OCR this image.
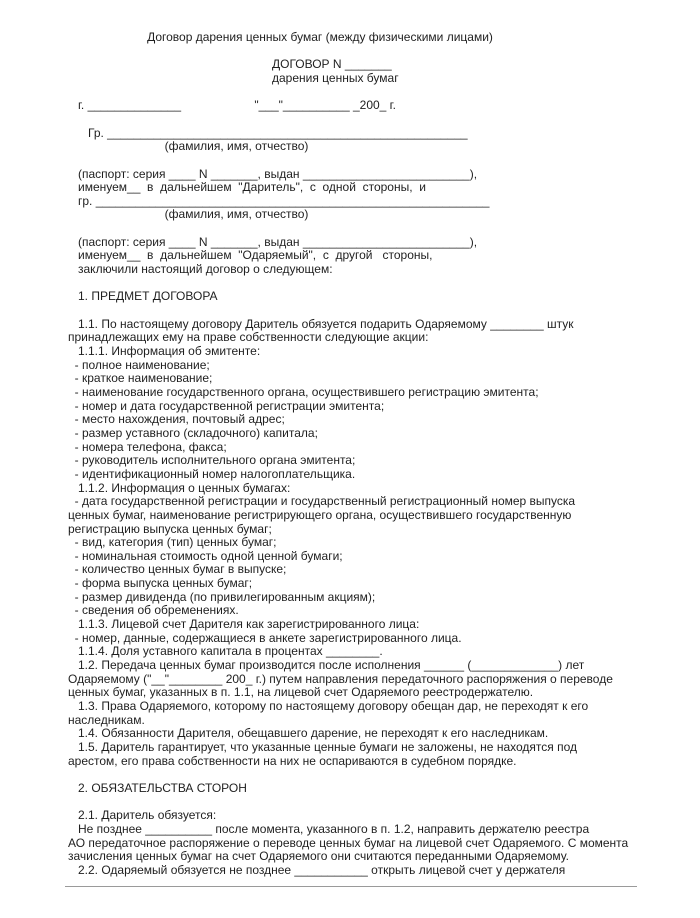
Договор дарения ценных бумаг (между физическими лицами)
ДОГОВОР N _______
дарения ценных бумаг
г. ______________                      "___"__________ _200_ г.
Гр. ______________________________________________________
(фамилия, имя, отчество)
(паспорт: серия ____ N _______, выдан _________________________),
именуем__  в  дальнейшем  "Даритель",  с  одной  стороны,  и
гр. ___________________________________________________________
(фамилия, имя, отчество)
(паспорт: серия ____ N _______, выдан _________________________),
именуем__  в  дальнейшем  "Одаряемый",  с  другой   стороны,
заключили настоящий договор о следующем:
1. ПРЕДМЕТ ДОГОВОРА
1.1. По настоящему договору Даритель обязуется подарить Одаряемому ________ штук
принадлежащих ему на праве собственности следующие акции:
1.1.1. Информация об эмитенте:
- полное наименование;
- краткое наименование;
- наименование государственного органа, осуществившего регистрацию эмитента;
- номер и дата государственной регистрации эмитента;
- место нахождения, почтовый адрес;
- размер уставного (складочного) капитала;
- номера телефона, факса;
- руководитель исполнительного органа эмитента;
- идентификационный номер налогоплательщика.
1.1.2. Информация о ценных бумагах:
- дата государственной регистрации и государственный регистрационный номер выпуска
ценных бумаг, наименование регистрирующего органа, осуществившего государственную
регистрацию выпуска ценных бумаг;
- вид, категория (тип) ценных бумаг;
- номинальная стоимость одной ценной бумаги;
- количество ценных бумаг в выпуске;
- форма выпуска ценных бумаг;
- размер дивиденда (по привилегированным акциям);
- сведения об обременениях.
1.1.3. Лицевой счет Дарителя как зарегистрированного лица:
- номер, данные, содержащиеся в анкете зарегистрированного лица.
1.1.4. Доля уставного капитала в процентах ________.
1.2. Передача ценных бумаг производится после исполнения ______ (_____________) лет
Одаряемому ("__"________ 200_ г.) путем направления передаточного распоряжения о переводе
ценных бумаг, указанных в п. 1.1, на лицевой счет Одаряемого реестродержателю.
1.3. Права Одаряемого, которому по настоящему договору обещан дар, не переходят к его
наследникам.
1.4. Обязанности Дарителя, обещавшего дарение, не переходят к его наследникам.
1.5. Даритель гарантирует, что указанные ценные бумаги не заложены, не находятся под
арестом, его права собственности на них не оспариваются в судебном порядке.
2. ОБЯЗАТЕЛЬСТВА СТОРОН
2.1. Даритель обязуется:
Не позднее __________ после момента, указанного в п. 1.2, направить держателю реестра
АО передаточное распоряжение о переводе ценных бумаг на лицевой счет Одаряемого. С момента
зачисления ценных бумаг на счет Одаряемого они считаются переданными Одаряемому.
2.2. Одаряемый обязуется не позднее ___________ открыть лицевой счет у держателя
